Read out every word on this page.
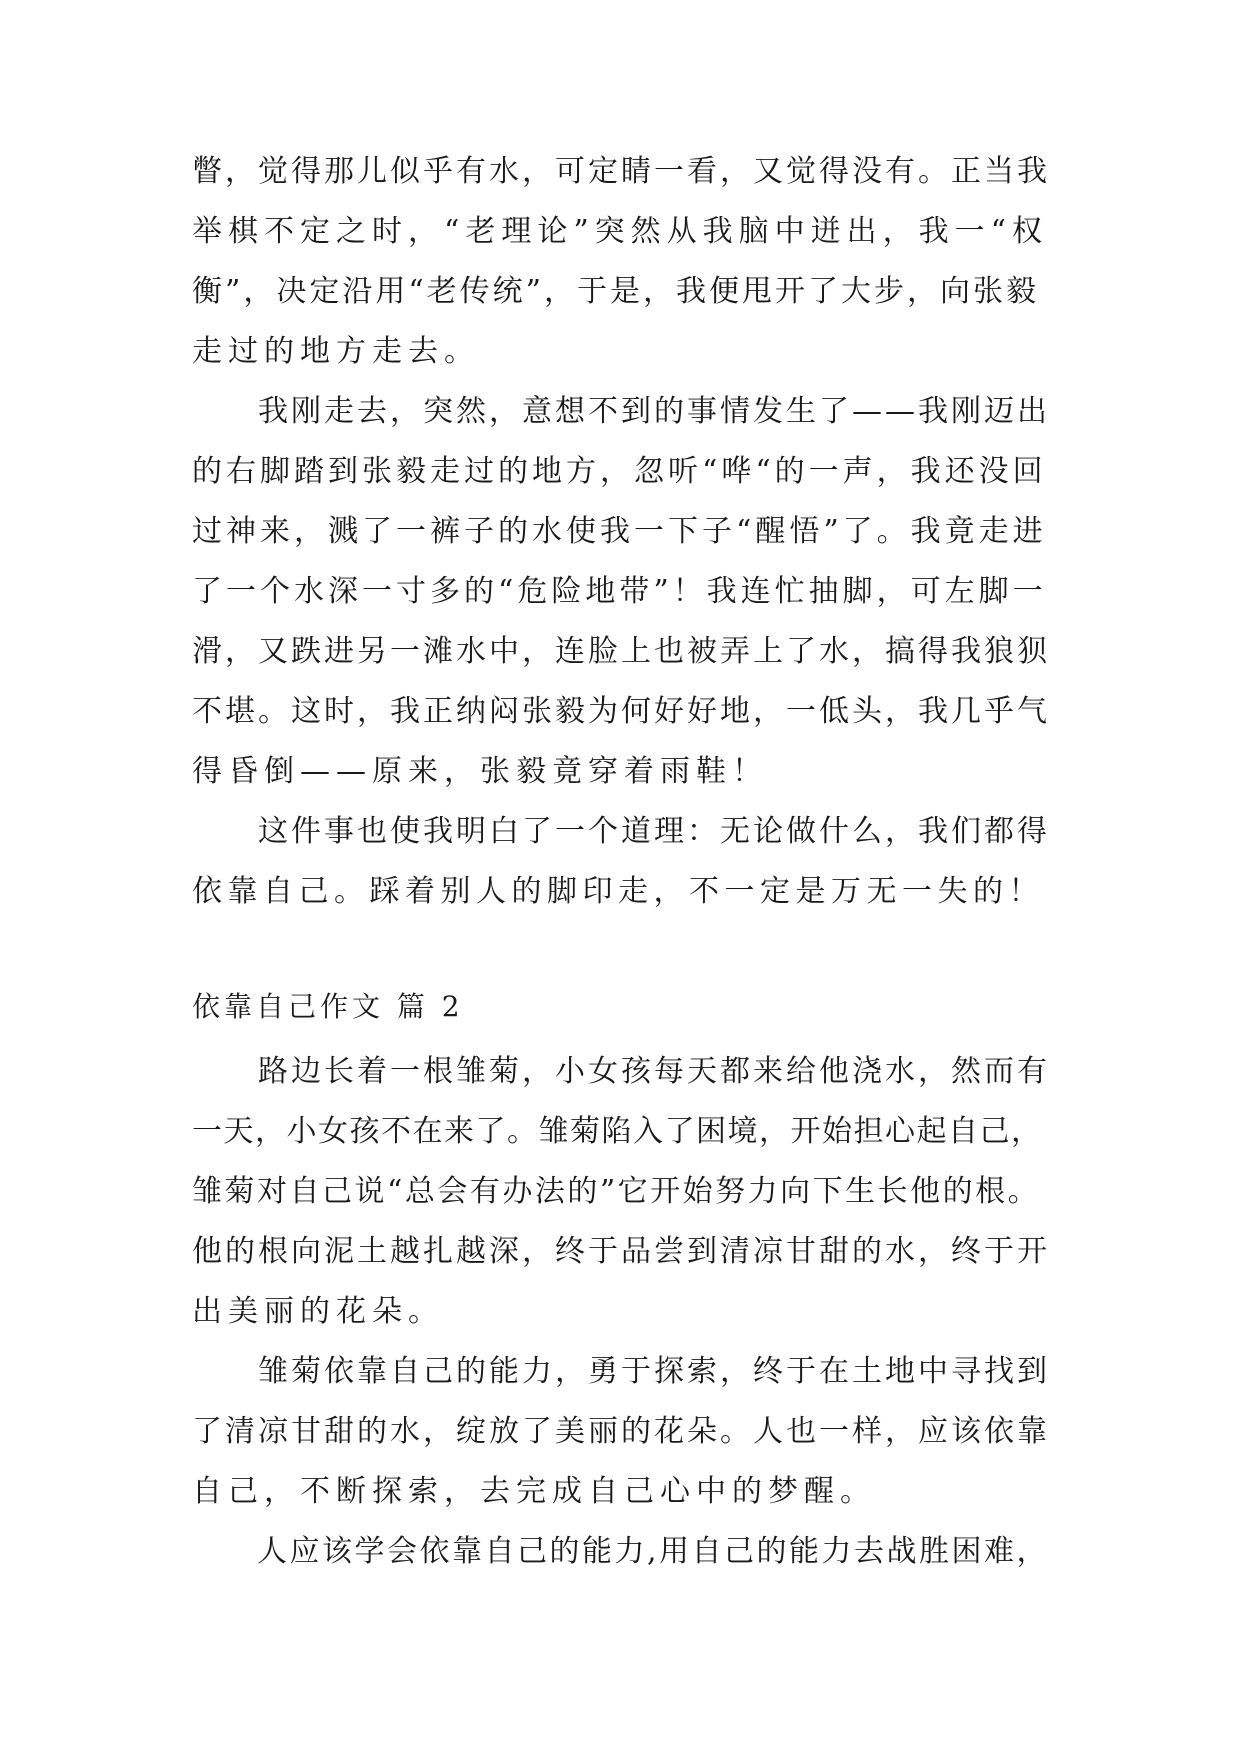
瞥，觉得那儿似乎有水，可定睛一看，又觉得没有。正当我
举棋不定之时，“老理论”突然从我脑中迸出，我一“权
衡”，决定沿用“老传统”，于是，我便甩开了大步，向张毅
走过的地方走去。
　　我刚走去，突然，意想不到的事情发生了——我刚迈出
的右脚踏到张毅走过的地方，忽听“哗“的一声，我还没回
过神来，溅了一裤子的水使我一下子“醒悟”了。我竟走进
了一个水深一寸多的“危险地带”！我连忙抽脚，可左脚一
滑，又跌进另一滩水中，连脸上也被弄上了水，搞得我狼狈
不堪。这时，我正纳闷张毅为何好好地，一低头，我几乎气
得昏倒——原来，张毅竟穿着雨鞋！
　　这件事也使我明白了一个道理：无论做什么，我们都得
依靠自己。踩着别人的脚印走，不一定是万无一失的！
依靠自己作文 篇 2
　　路边长着一根雏菊，小女孩每天都来给他浇水，然而有
一天，小女孩不在来了。雏菊陷入了困境，开始担心起自己，
雏菊对自己说“总会有办法的”它开始努力向下生长他的根。
他的根向泥土越扎越深，终于品尝到清凉甘甜的水，终于开
出美丽的花朵。
　　雏菊依靠自己的能力，勇于探索，终于在土地中寻找到
了清凉甘甜的水，绽放了美丽的花朵。人也一样，应该依靠
自己，不断探索，去完成自己心中的梦醒。
　　人应该学会依靠自己的能力,用自己的能力去战胜困难，
